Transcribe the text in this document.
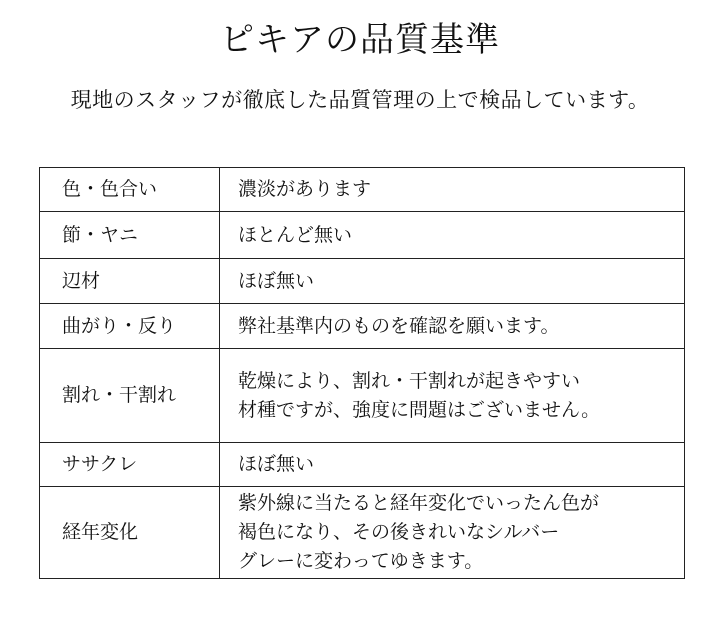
ピキアの品質基準

現地のスタッフが徹底した品質管理の上で検品しています。

色・色合い	濃淡があります
節・ヤニ	ほとんど無い
辺材	ほぼ無い
曲がり・反り	弊社基準内のものを確認を願います。
割れ・干割れ	乾燥により、割れ・干割れが起きやすい
材種ですが、強度に問題はございません。
ササクレ	ほぼ無い
経年変化	紫外線に当たると経年変化でいったん色が
褐色になり、その後きれいなシルバー
グレーに変わってゆきます。
